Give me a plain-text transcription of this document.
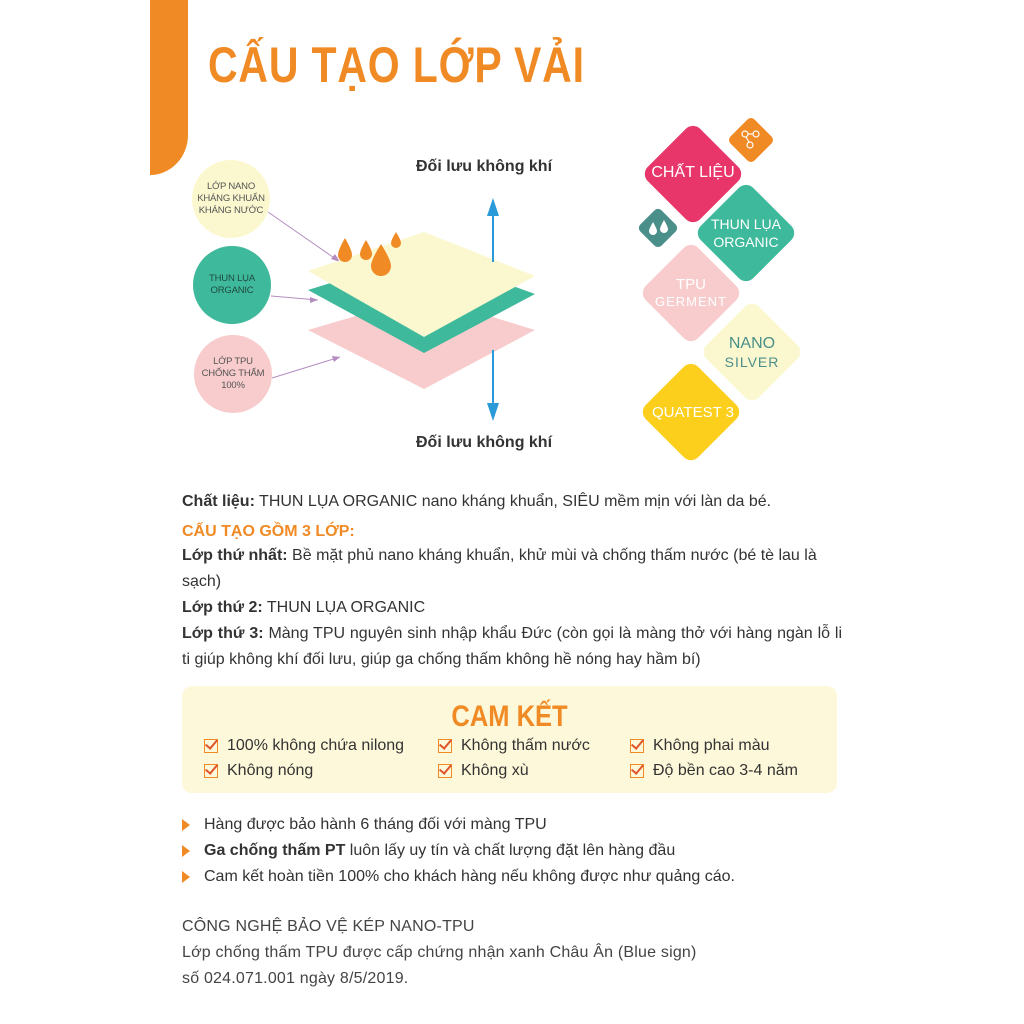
CẤU TẠO LỚP VẢI
LỚP NANO KHÁNG KHUẨN KHÁNG NƯỚC
THUN LỤA ORGANIC
LỚP TPU CHỐNG THẤM 100%
Đối lưu không khí
Đối lưu không khí
CHẤT LIỆU
THUN LỤA
ORGANIC
TPU
GERMENT
NANO
SILVER
QUATEST 3
Chất liệu: THUN LỤA ORGANIC nano kháng khuẩn, SIÊU mềm mịn với làn da bé.
CẤU TẠO GỒM 3 LỚP:
Lớp thứ nhất: Bề mặt phủ nano kháng khuẩn, khử mùi và chống thấm nước (bé tè lau là sạch)
Lớp thứ 2: THUN LỤA ORGANIC
Lớp thứ 3: Màng TPU nguyên sinh nhập khẩu Đức (còn gọi là màng thở với hàng ngàn lỗ li ti giúp không khí đối lưu, giúp ga chống thấm không hề nóng hay hầm bí)
CAM KẾT
100% không chứa nilong	Không thấm nước	Không phai màu
Không nóng	Không xù	Độ bền cao 3-4 năm
Hàng được bảo hành 6 tháng đối với màng TPU
Ga chống thấm PT luôn lấy uy tín và chất lượng đặt lên hàng đầu
Cam kết hoàn tiền 100% cho khách hàng nếu không được như quảng cáo.
CÔNG NGHỆ BẢO VỆ KÉP NANO-TPU
Lớp chống thấm TPU được cấp chứng nhận xanh Châu Ân (Blue sign)
số 024.071.001 ngày 8/5/2019.
